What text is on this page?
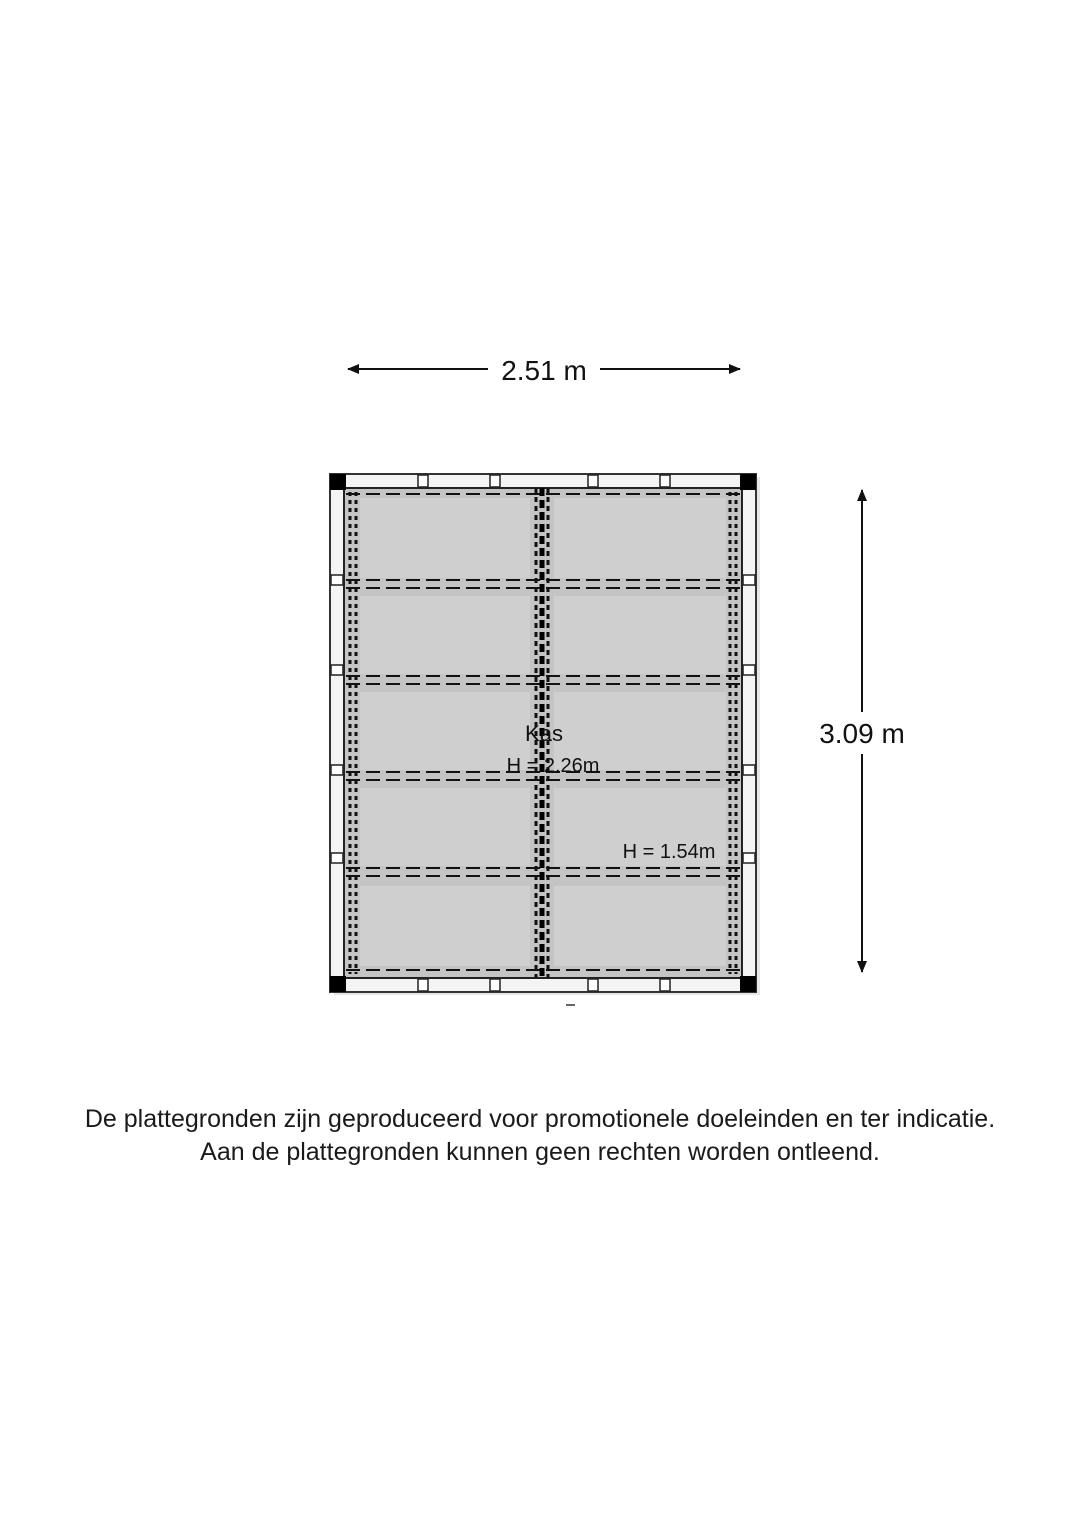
2.51 m
3.09 m
Kas
H = 2.26m
H = 1.54m
De plattegronden zijn geproduceerd voor promotionele doeleinden en ter indicatie.
Aan de plattegronden kunnen geen rechten worden ontleend.
